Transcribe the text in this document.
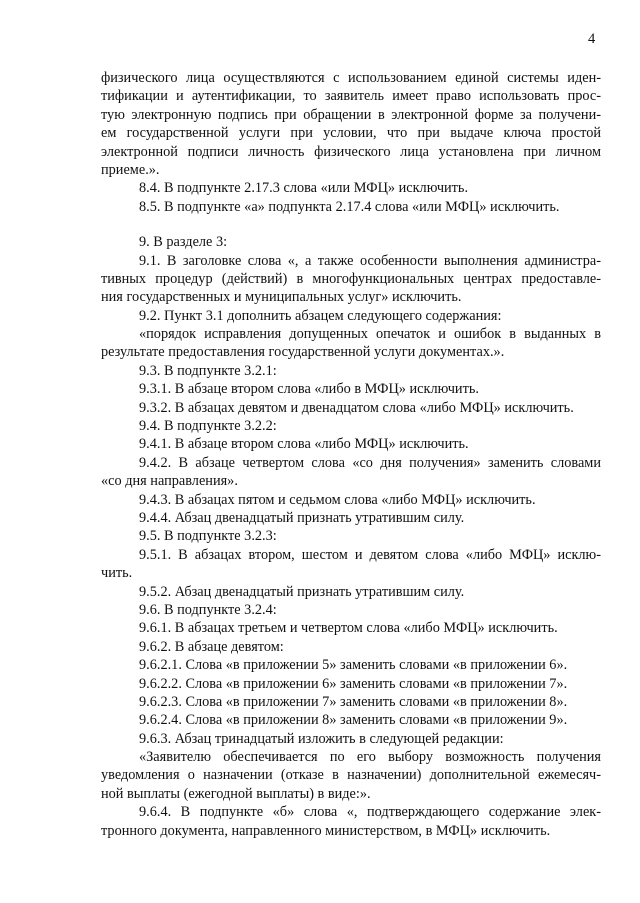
4
физического лица осуществляются с использованием единой системы иден-
тификации и аутентификации, то заявитель имеет право использовать прос-
тую электронную подпись при обращении в электронной форме за получени-
ем государственной услуги при условии, что при выдаче ключа простой
электронной подписи личность физического лица установлена при личном
приеме.».
8.4. В подпункте 2.17.3 слова «или МФЦ» исключить.
8.5. В подпункте «а» подпункта 2.17.4 слова «или МФЦ» исключить.
9. В разделе 3:
9.1. В заголовке слова «, а также особенности выполнения администра-
тивных процедур (действий) в многофункциональных центрах предоставле-
ния государственных и муниципальных услуг» исключить.
9.2. Пункт 3.1 дополнить абзацем следующего содержания:
«порядок исправления допущенных опечаток и ошибок в выданных в
результате предоставления государственной услуги документах.».
9.3. В подпункте 3.2.1:
9.3.1. В абзаце втором слова «либо в МФЦ» исключить.
9.3.2. В абзацах девятом и двенадцатом слова «либо МФЦ» исключить.
9.4. В подпункте 3.2.2:
9.4.1. В абзаце втором слова «либо МФЦ» исключить.
9.4.2. В абзаце четвертом слова «со дня получения» заменить словами
«со дня направления».
9.4.3. В абзацах пятом и седьмом слова «либо МФЦ» исключить.
9.4.4. Абзац двенадцатый признать утратившим силу.
9.5. В подпункте 3.2.3:
9.5.1. В абзацах втором, шестом и девятом слова «либо МФЦ» исклю-
чить.
9.5.2. Абзац двенадцатый признать утратившим силу.
9.6. В подпункте 3.2.4:
9.6.1. В абзацах третьем и четвертом слова «либо МФЦ» исключить.
9.6.2. В абзаце девятом:
9.6.2.1. Слова «в приложении 5» заменить словами «в приложении 6».
9.6.2.2. Слова «в приложении 6» заменить словами «в приложении 7».
9.6.2.3. Слова «в приложении 7» заменить словами «в приложении 8».
9.6.2.4. Слова «в приложении 8» заменить словами «в приложении 9».
9.6.3. Абзац тринадцатый изложить в следующей редакции:
«Заявителю обеспечивается по его выбору возможность получения
уведомления о назначении (отказе в назначении) дополнительной ежемесяч-
ной выплаты (ежегодной выплаты) в виде:».
9.6.4. В подпункте «б» слова «, подтверждающего содержание элек-
тронного документа, направленного министерством, в МФЦ» исключить.
